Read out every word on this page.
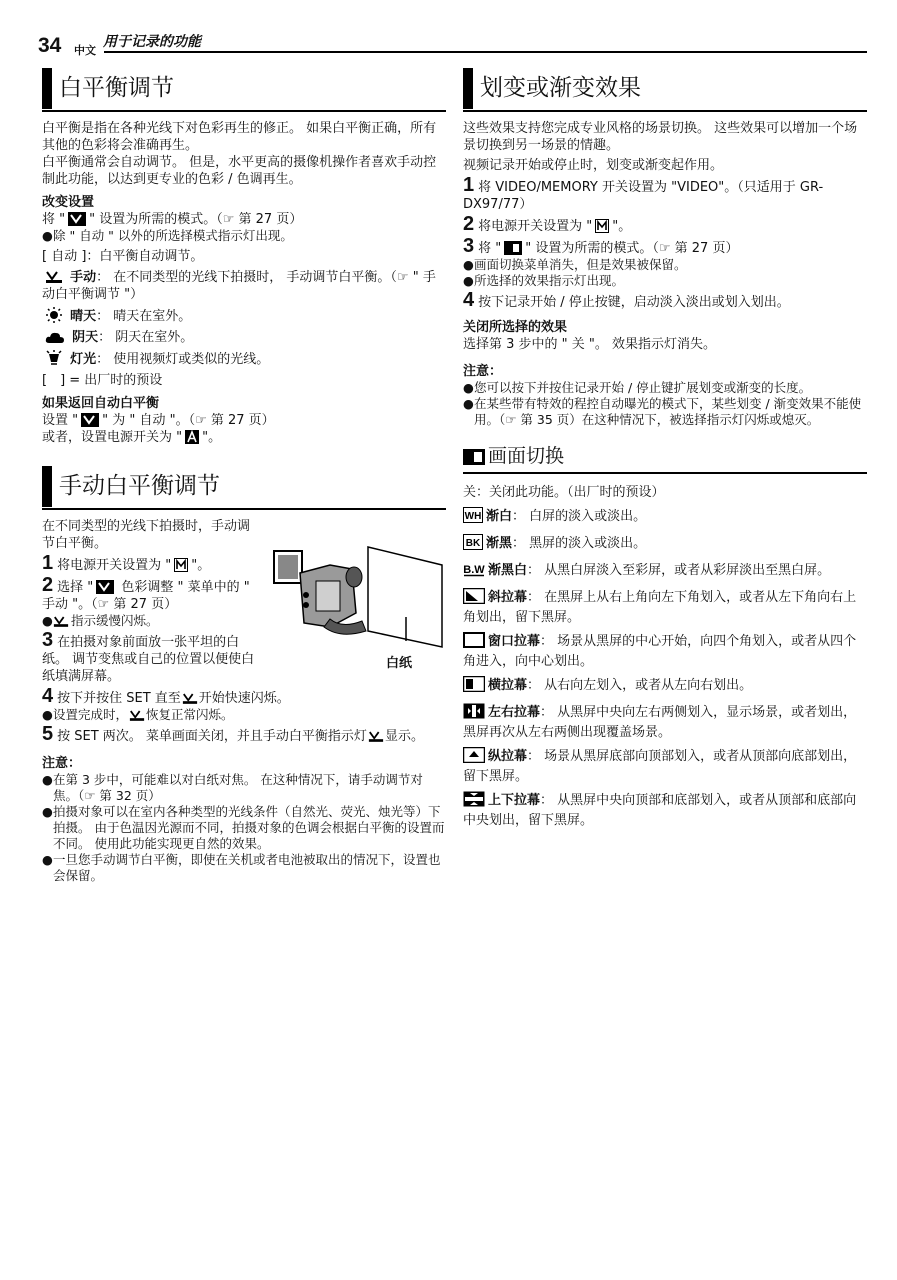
34 中文
用于记录的功能
白平衡调节

白平衡是指在各种光线下对色彩再生的修正。 如果白平衡正确，所有其他的色彩将会准确再生。

白平衡通常会自动调节。 但是，水平更高的摄像机操作者喜欢手动控制此功能，以达到更专业的色彩 / 色调再生。

改变设置
将 " " 设置为所需的模式。（☞ 第 27 页）
●除 " 自动 " 以外的所选择模式指示灯出现。
[ 自动 ]：白平衡自动调节。
手动： 在不同类型的光线下拍摄时， 手动调节白平衡。（☞ " 手动白平衡调节 "）
晴天： 晴天在室外。
阴天： 阴天在室外。
灯光： 使用视频灯或类似的光线。
[　] = 出厂时的预设
如果返回自动白平衡
设置 " " 为 " 自动 "。（☞ 第 27 页）
或者，设置电源开关为 " "。
手动白平衡调节

在不同类型的光线下拍摄时，手动调节白平衡。

1 将电源开关设置为 " "。
2 选择 " 色彩调整 " 菜单中的 " 手动 "。（☞ 第 27 页）
● 指示缓慢闪烁。
3 在拍摄对象前面放一张平坦的白纸。 调节变焦或自己的位置以便使白纸填满屏幕。
4 按下并按住 SET 直至 开始快速闪烁。
●设置完成时， 恢复正常闪烁。
5 按 SET 两次。 菜单画面关闭，并且手动白平衡指示灯 显示。
注意：
●在第 3 步中，可能难以对白纸对焦。 在这种情况下，请手动调节对焦。（☞ 第 32 页）
●拍摄对象可以在室内各种类型的光线条件（自然光、荧光、烛光等）下拍摄。 由于色温因光源而不同，拍摄对象的色调会根据白平衡的设置而不同。 使用此功能实现更自然的效果。
●一旦您手动调节白平衡，即使在关机或者电池被取出的情况下，设置也会保留。
白纸
划变或渐变效果

这些效果支持您完成专业风格的场景切换。 这些效果可以增加一个场景切换到另一场景的情趣。

视频记录开始或停止时，划变或渐变起作用。

1 将 VIDEO/MEMORY 开关设置为 "VIDEO"。（只适用于 GR-DX97/77）
2 将电源开关设置为 " "。
3 将 " " 设置为所需的模式。（☞ 第 27 页）
●画面切换菜单消失，但是效果被保留。
●所选择的效果指示灯出现。
4 按下记录开始 / 停止按键，启动淡入淡出或划入划出。
关闭所选择的效果
选择第 3 步中的 " 关 "。 效果指示灯消失。
注意：
●您可以按下并按住记录开始 / 停止键扩展划变或渐变的长度。
●在某些带有特效的程控自动曝光的模式下，某些划变 / 渐变效果不能使用。（☞ 第 35 页）在这种情况下，被选择指示灯闪烁或熄灭。
画面切换
关：关闭此功能。（出厂时的预设）
WH 渐白： 白屏的淡入或淡出。
BK 渐黑： 黑屏的淡入或淡出。
B.W 渐黑白： 从黑白屏淡入至彩屏，或者从彩屏淡出至黑白屏。
斜拉幕： 在黑屏上从右上角向左下角划入，或者从左下角向右上角划出，留下黑屏。
窗口拉幕： 场景从黑屏的中心开始，向四个角划入，或者从四个角进入，向中心划出。
横拉幕： 从右向左划入，或者从左向右划出。
左右拉幕： 从黑屏中央向左右两侧划入，显示场景，或者划出，黑屏再次从左右两侧出现覆盖场景。
纵拉幕： 场景从黑屏底部向顶部划入，或者从顶部向底部划出，留下黑屏。
上下拉幕： 从黑屏中央向顶部和底部划入，或者从顶部和底部向中央划出，留下黑屏。
